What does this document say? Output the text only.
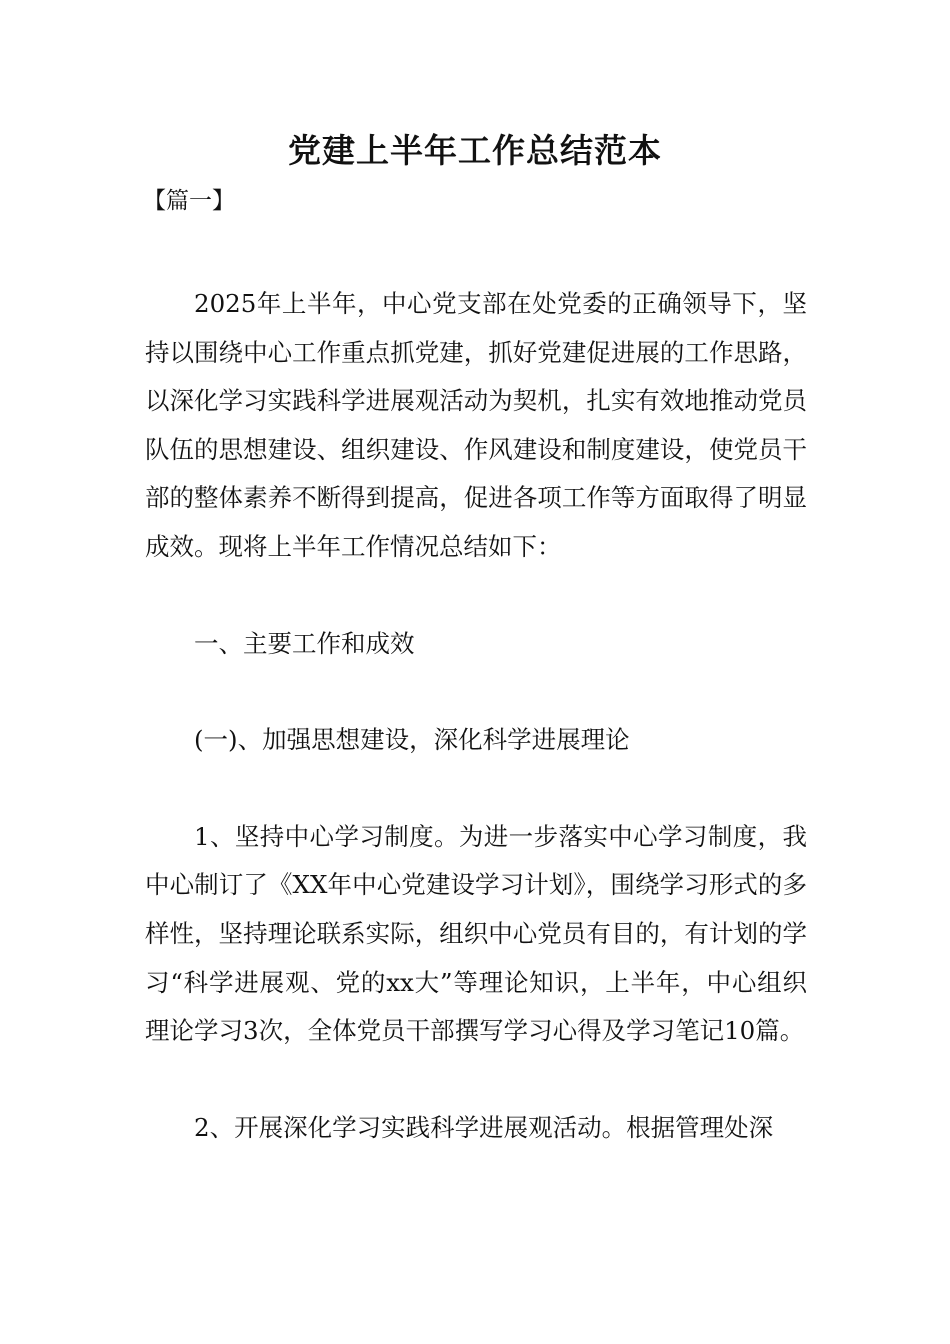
党建上半年工作总结范本
【篇一】

2025年上半年，中心党支部在处党委的正确领导下，坚持以围绕中心工作重点抓党建，抓好党建促进展的工作思路，以深化学习实践科学进展观活动为契机，扎实有效地推动党员队伍的思想建设、组织建设、作风建设和制度建设，使党员干部的整体素养不断得到提高，促进各项工作等方面取得了明显成效。现将上半年工作情况总结如下：

一、主要工作和成效

(一)、加强思想建设，深化科学进展理论

1、坚持中心学习制度。为进一步落实中心学习制度，我中心制订了《XX年中心党建设学习计划》，围绕学习形式的多样性，坚持理论联系实际，组织中心党员有目的，有计划的学习“科学进展观、党的xx大”等理论知识，上半年，中心组织理论学习3次，全体党员干部撰写学习心得及学习笔记10篇。

2、开展深化学习实践科学进展观活动。根据管理处深
